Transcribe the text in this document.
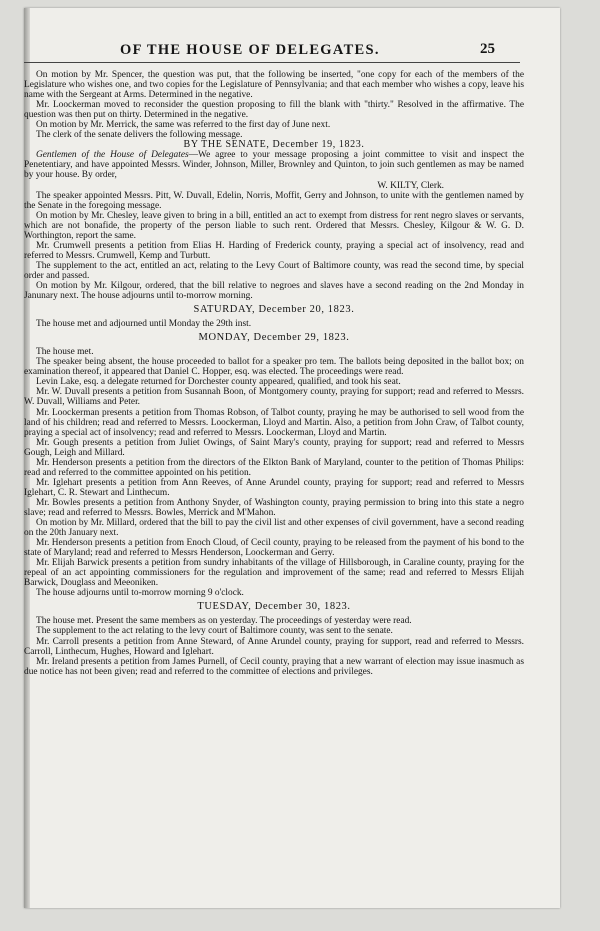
OF THE HOUSE OF DELEGATES.	25

On motion by Mr. Spencer, the question was put, that the following be inserted, "one copy for each of the members of the Legislature who wishes one, and two copies for the Legislature of Pennsylvania; and that each member who wishes a copy, leave his name with the Sergeant at Arms. Determined in the negative.

Mr. Loockerman moved to reconsider the question proposing to fill the blank with "thirty." Resolved in the affirmative. The question was then put on thirty. Determined in the negative.

On motion by Mr. Merrick, the same was referred to the first day of June next.

The clerk of the senate delivers the following message.

BY THE SENATE, December 19, 1823.

Gentlemen of the House of Delegates—We agree to your message proposing a joint committee to visit and inspect the Penetentiary, and have appointed Messrs. Winder, Johnson, Miller, Brownley and Quinton, to join such gentlemen as may be named by your house. By order,

W. KILTY, Clerk.

The speaker appointed Messrs. Pitt, W. Duvall, Edelin, Norris, Moffit, Gerry and Johnson, to unite with the gentlemen named by the Senate in the foregoing message.

On motion by Mr. Chesley, leave given to bring in a bill, entitled an act to exempt from distress for rent negro slaves or servants, which are not bonafide, the property of the person liable to such rent. Ordered that Messrs. Chesley, Kilgour & W. G. D. Worthington, report the same.

Mr. Crumwell presents a petition from Elias H. Harding of Frederick county, praying a special act of insolvency, read and referred to Messrs. Crumwell, Kemp and Turbutt.

The supplement to the act, entitled an act, relating to the Levy Court of Baltimore county, was read the second time, by special order and passed.

On motion by Mr. Kilgour, ordered, that the bill relative to negroes and slaves have a second reading on the 2nd Monday in Janunary next. The house adjourns until to-morrow morning.

SATURDAY, December 20, 1823.

The house met and adjourned until Monday the 29th inst.

MONDAY, December 29, 1823.

The house met.

The speaker being absent, the house proceeded to ballot for a speaker pro tem. The ballots being deposited in the ballot box; on examination thereof, it appeared that Daniel C. Hopper, esq. was elected. The proceedings were read.

Levin Lake, esq. a delegate returned for Dorchester county appeared, qualified, and took his seat.

Mr. W. Duvall presents a petition from Susannah Boon, of Montgomery county, praying for support; read and referred to Messrs. W. Duvall, Williams and Peter.

Mr. Loockerman presents a petition from Thomas Robson, of Talbot county, praying he may be authorised to sell wood from the land of his children; read and referred to Messrs. Loockerman, Lloyd and Martin. Also, a petition from John Craw, of Talbot county, praying a special act of insolvency; read and referred to Messrs. Loockerman, Lloyd and Martin.

Mr. Gough presents a petition from Juliet Owings, of Saint Mary's county, praying for support; read and referred to Messrs Gough, Leigh and Millard.

Mr. Henderson presents a petition from the directors of the Elkton Bank of Maryland, counter to the petition of Thomas Philips: read and referred to the committee appointed on his petition.

Mr. Iglehart presents a petition from Ann Reeves, of Anne Arundel county, praying for support; read and referred to Messrs Iglehart, C. R. Stewart and Linthecum.

Mr. Bowles presents a petition from Anthony Snyder, of Washington county, praying permission to bring into this state a negro slave; read and referred to Messrs. Bowles, Merrick and M'Mahon.

On motion by Mr. Millard, ordered that the bill to pay the civil list and other expenses of civil government, have a second reading on the 20th January next.

Mr. Henderson presents a petition from Enoch Cloud, of Cecil county, praying to be released from the payment of his bond to the state of Maryland; read and referred to Messrs Henderson, Loockerman and Gerry.

Mr. Elijah Barwick presents a petition from sundry inhabitants of the village of Hillsborough, in Caraline county, praying for the repeal of an act appointing commissioners for the regulation and improvement of the same; read and referred to Messrs Elijah Barwick, Douglass and Meeoniken.

The house adjourns until to-morrow morning 9 o'clock.

TUESDAY, December 30, 1823.

The house met. Present the same members as on yesterday. The proceedings of yesterday were read.

The supplement to the act relating to the levy court of Baltimore county, was sent to the senate.

Mr. Carroll presents a petition from Anne Steward, of Anne Arundel county, praying for support, read and referred to Messrs. Carroll, Linthecum, Hughes, Howard and Iglehart.

Mr. Ireland presents a petition from James Purnell, of Cecil county, praying that a new warrant of election may issue inasmuch as due notice has not been given; read and referred to the committee of elections and privileges.
